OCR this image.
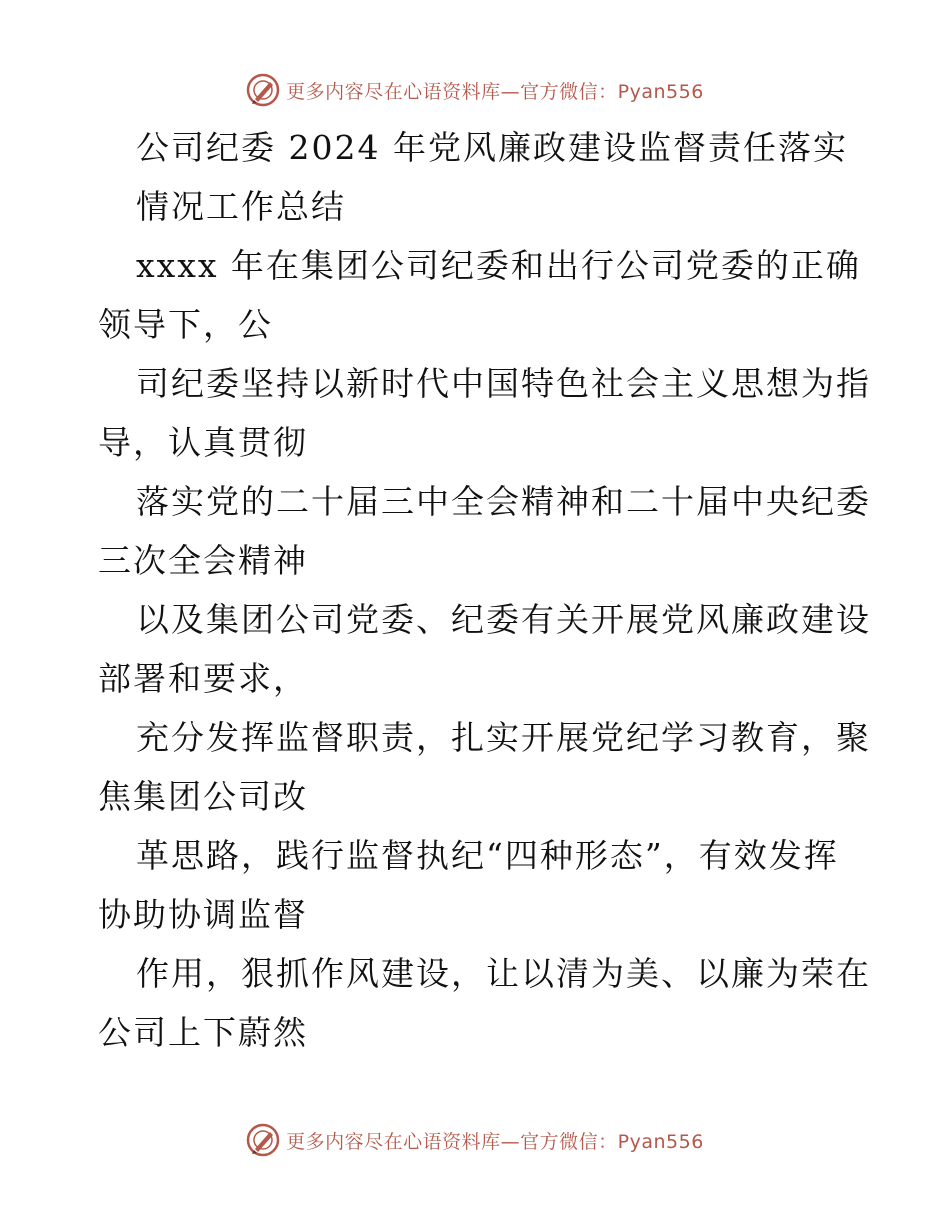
更多内容尽在心语资料库—官方微信：Pyan556
公司纪委 2024 年党风廉政建设监督责任落实
情况工作总结
xxxx 年在集团公司纪委和出行公司党委的正确
领导下，公
司纪委坚持以新时代中国特色社会主义思想为指
导，认真贯彻
落实党的二十届三中全会精神和二十届中央纪委
三次全会精神
以及集团公司党委、纪委有关开展党风廉政建设
部署和要求，
充分发挥监督职责，扎实开展党纪学习教育，聚
焦集团公司改
革思路，践行监督执纪“四种形态”，有效发挥
协助协调监督
作用，狠抓作风建设，让以清为美、以廉为荣在
公司上下蔚然
更多内容尽在心语资料库—官方微信：Pyan556
